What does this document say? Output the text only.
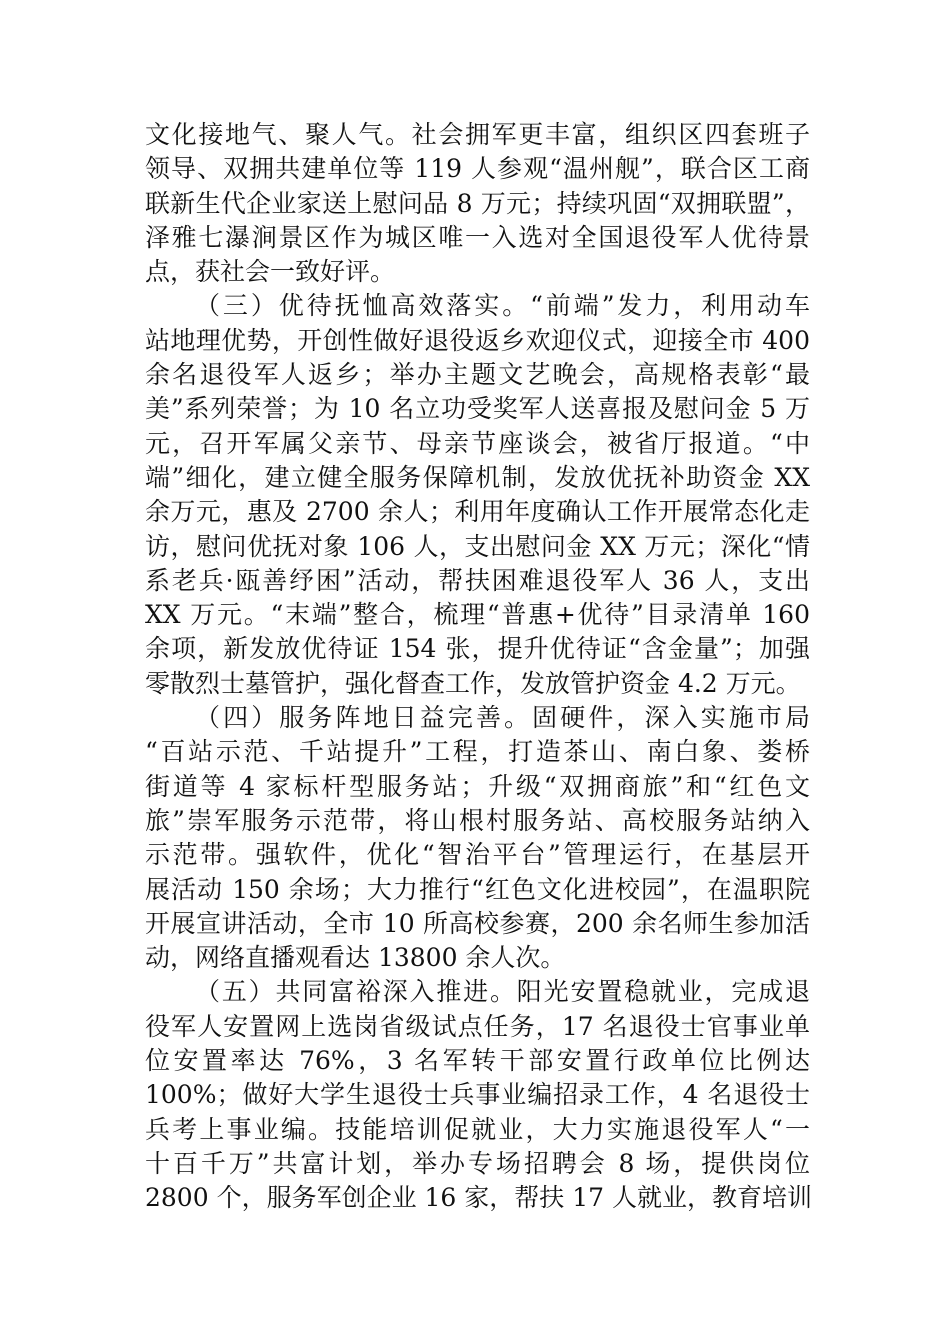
文化接地气、聚人气。社会拥军更丰富，组织区四套班子
领导、双拥共建单位等 119 人参观“温州舰”，联合区工商
联新生代企业家送上慰问品 8 万元；持续巩固“双拥联盟”，
泽雅七瀑涧景区作为城区唯一入选对全国退役军人优待景
点，获社会一致好评。
（三）优待抚恤高效落实。“前端”发力，利用动车
站地理优势，开创性做好退役返乡欢迎仪式，迎接全市 400
余名退役军人返乡；举办主题文艺晚会，高规格表彰“最
美”系列荣誉；为 10 名立功受奖军人送喜报及慰问金 5 万
元，召开军属父亲节、母亲节座谈会，被省厅报道。“中
端”细化，建立健全服务保障机制，发放优抚补助资金 XX
余万元，惠及 2700 余人；利用年度确认工作开展常态化走
访，慰问优抚对象 106 人，支出慰问金 XX 万元；深化“情
系老兵·瓯善纾困”活动，帮扶困难退役军人 36 人，支出
XX 万元。“末端”整合，梳理“普惠+优待”目录清单 160
余项，新发放优待证 154 张，提升优待证“含金量”；加强
零散烈士墓管护，强化督查工作，发放管护资金 4.2 万元。
（四）服务阵地日益完善。固硬件，深入实施市局
“百站示范、千站提升”工程，打造茶山、南白象、娄桥
街道等 4 家标杆型服务站；升级“双拥商旅”和“红色文
旅”崇军服务示范带，将山根村服务站、高校服务站纳入
示范带。强软件，优化“智治平台”管理运行，在基层开
展活动 150 余场；大力推行“红色文化进校园”，在温职院
开展宣讲活动，全市 10 所高校参赛，200 余名师生参加活
动，网络直播观看达 13800 余人次。
（五）共同富裕深入推进。阳光安置稳就业，完成退
役军人安置网上选岗省级试点任务，17 名退役士官事业单
位安置率达 76%，3 名军转干部安置行政单位比例达
100%；做好大学生退役士兵事业编招录工作，4 名退役士
兵考上事业编。技能培训促就业，大力实施退役军人“一
十百千万”共富计划，举办专场招聘会 8 场，提供岗位
2800 个，服务军创企业 16 家，帮扶 17 人就业，教育培训
